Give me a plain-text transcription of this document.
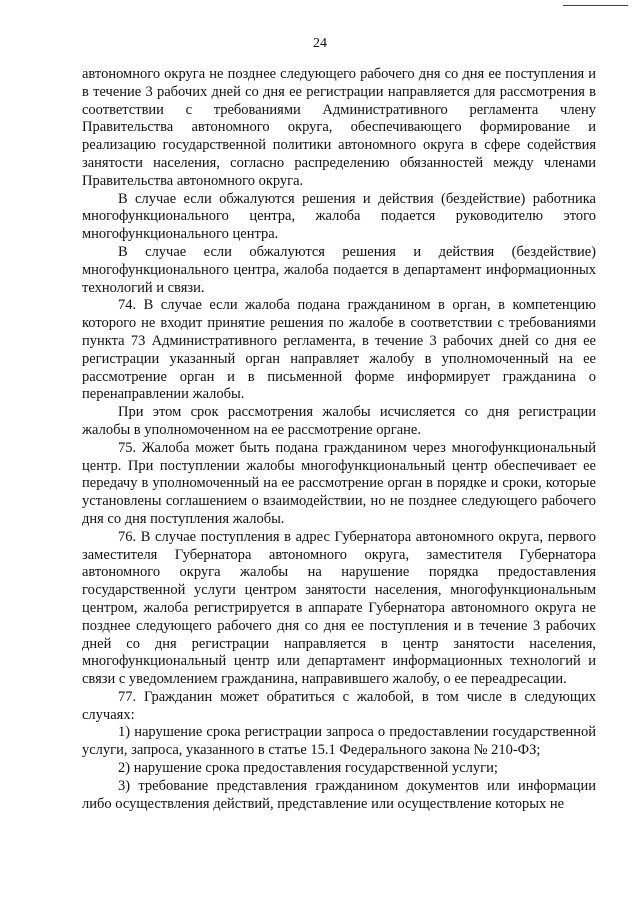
24

автономного округа не позднее следующего рабочего дня со дня ее поступления и в течение 3 рабочих дней со дня ее регистрации направляется для рассмотрения в соответствии с требованиями Административного регламента члену Правительства автономного округа, обеспечивающего формирование и реализацию государственной политики автономного округа в сфере содействия занятости населения, согласно распределению обязанностей между членами Правительства автономного округа.

В случае если обжалуются решения и действия (бездействие) работника многофункционального центра, жалоба подается руководителю этого многофункционального центра.

В случае если обжалуются решения и действия (бездействие) многофункционального центра, жалоба подается в департамент информационных технологий и связи.

74. В случае если жалоба подана гражданином в орган, в компетенцию которого не входит принятие решения по жалобе в соответствии с требованиями пункта 73 Административного регламента, в течение 3 рабочих дней со дня ее регистрации указанный орган направляет жалобу в уполномоченный на ее рассмотрение орган и в письменной форме информирует гражданина о перенаправлении жалобы.

При этом срок рассмотрения жалобы исчисляется со дня регистрации жалобы в уполномоченном на ее рассмотрение органе.

75. Жалоба может быть подана гражданином через многофункциональный центр. При поступлении жалобы многофункциональный центр обеспечивает ее передачу в уполномоченный на ее рассмотрение орган в порядке и сроки, которые установлены соглашением о взаимодействии, но не позднее следующего рабочего дня со дня поступления жалобы.

76. В случае поступления в адрес Губернатора автономного округа, первого заместителя Губернатора автономного округа, заместителя Губернатора автономного округа жалобы на нарушение порядка предоставления государственной услуги центром занятости населения, многофункциональным центром, жалоба регистрируется в аппарате Губернатора автономного округа не позднее следующего рабочего дня со дня ее поступления и в течение 3 рабочих дней со дня регистрации направляется в центр занятости населения, многофункциональный центр или департамент информационных технологий и связи с уведомлением гражданина, направившего жалобу, о ее переадресации.

77. Гражданин может обратиться с жалобой, в том числе в следующих случаях:

1) нарушение срока регистрации запроса о предоставлении государственной услуги, запроса, указанного в статье 15.1 Федерального закона № 210-ФЗ;

2) нарушение срока предоставления государственной услуги;

3) требование представления гражданином документов или информации либо осуществления действий, представление или осуществление которых не
